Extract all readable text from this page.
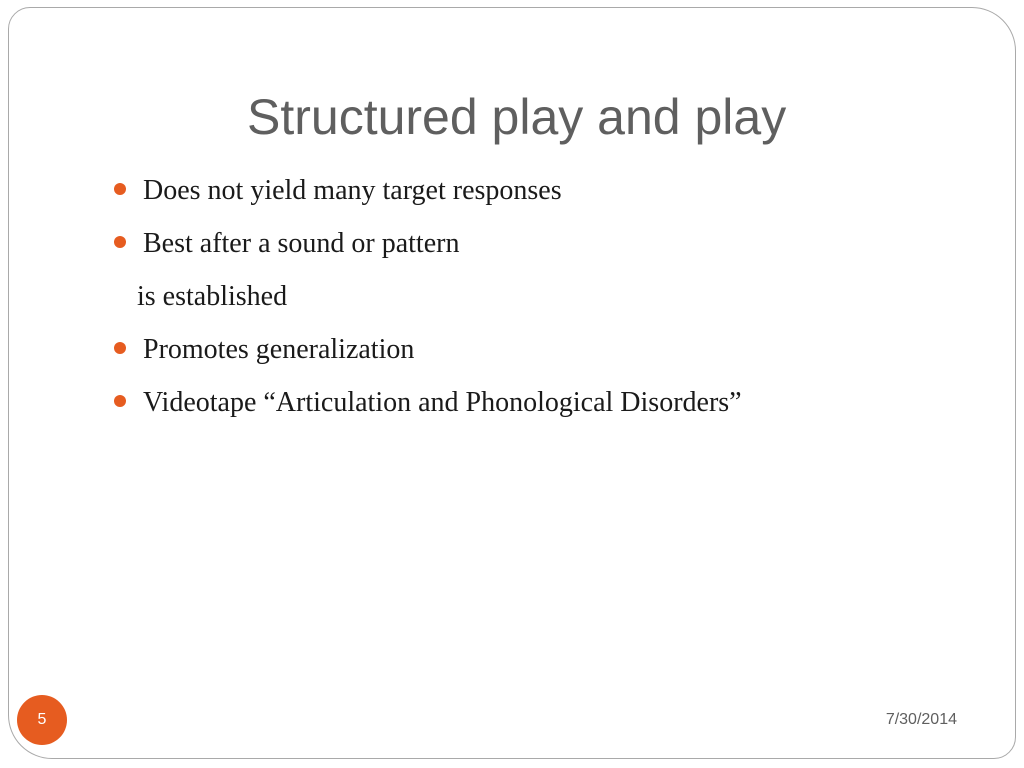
Structured play and play
Does not yield many target responses
Best after a sound or pattern
is established
Promotes generalization
Videotape “Articulation and Phonological Disorders”
5	7/30/2014
